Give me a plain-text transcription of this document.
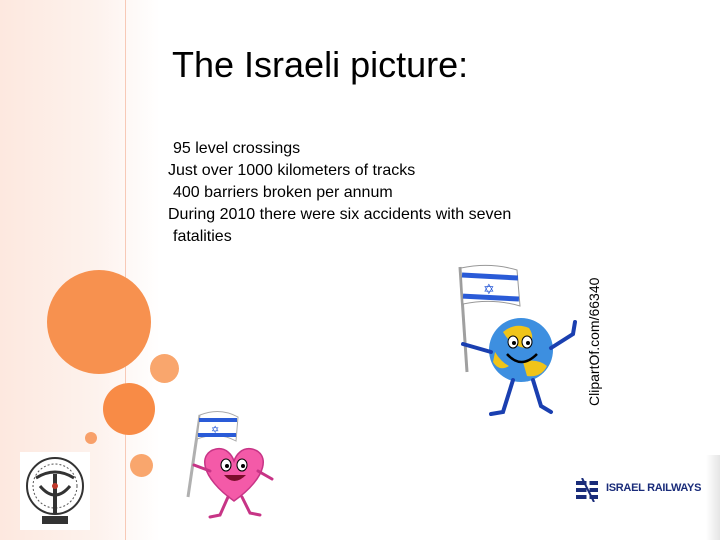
The Israeli picture:
95 level crossings
Just over 1000 kilometers of tracks
400 barriers broken per annum
During 2010 there were six accidents with seven
fatalities
✡	ClipartOf.com/66340
✡
ISRAEL RAILWAYS
